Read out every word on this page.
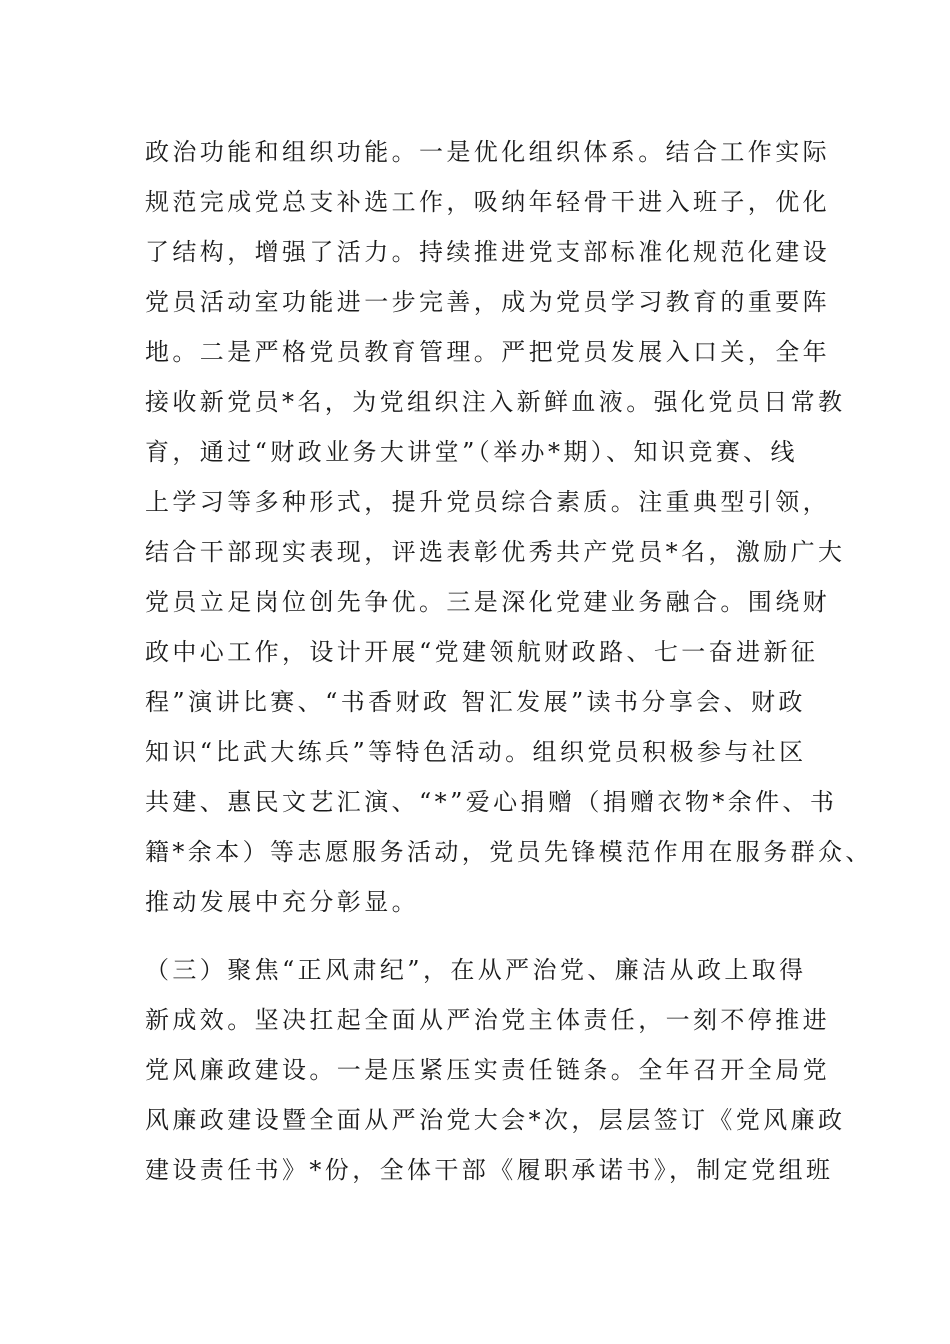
政治功能和组织功能。一是优化组织体系。结合工作实际
规范完成党总支补选工作，吸纳年轻骨干进入班子，优化
了结构，增强了活力。持续推进党支部标准化规范化建设
党员活动室功能进一步完善，成为党员学习教育的重要阵
地。二是严格党员教育管理。严把党员发展入口关，全年
接收新党员*名，为党组织注入新鲜血液。强化党员日常教
育，通过“财政业务大讲堂”（举办*期）、知识竞赛、线
上学习等多种形式，提升党员综合素质。注重典型引领，
结合干部现实表现，评选表彰优秀共产党员*名，激励广大
党员立足岗位创先争优。三是深化党建业务融合。围绕财
政中心工作，设计开展“党建领航财政路、七一奋进新征
程”演讲比赛、“书香财政 智汇发展”读书分享会、财政
知识“比武大练兵”等特色活动。组织党员积极参与社区
共建、惠民文艺汇演、“*”爱心捐赠（捐赠衣物*余件、书
籍*余本）等志愿服务活动，党员先锋模范作用在服务群众、
推动发展中充分彰显。
（三）聚焦“正风肃纪”，在从严治党、廉洁从政上取得
新成效。坚决扛起全面从严治党主体责任，一刻不停推进
党风廉政建设。一是压紧压实责任链条。全年召开全局党
风廉政建设暨全面从严治党大会*次，层层签订《党风廉政
建设责任书》*份，全体干部《履职承诺书》，制定党组班
